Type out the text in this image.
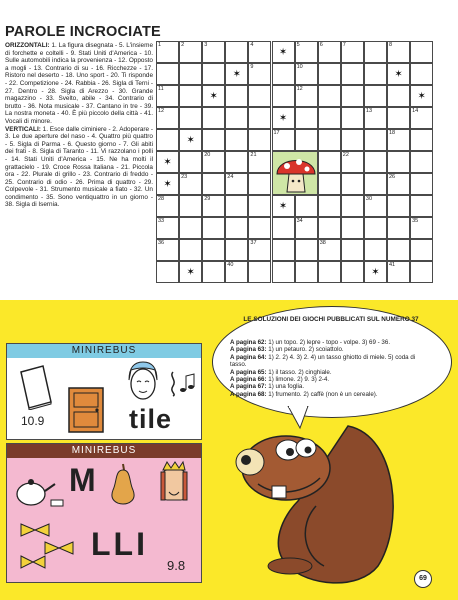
PAROLE INCROCIATE
ORIZZONTALI: 1. La figura disegnata - 5. L'insieme di forchette e coltelli - 9. Stati Uniti d'America - 10. Sulle automobili indica la provenienza - 12. Opposto a mogli - 13. Contrario di su - 16. Ricchezze - 17. Ristoro nel deserto - 18. Uno sport - 20. Ti risponde - 22. Competizione - 24. Rabbia - 26. Sigla di Terni - 27. Dentro - 28. Sigla di Arezzo - 30. Grande magazzino - 33. Svelto, abile - 34. Contrario di brutto - 36. Nota musicale - 37. Cantano in tre - 39. La nostra moneta - 40. È più piccolo della città - 41. Vocali di minore.
VERTICALI: 1. Esce dalle ciminiere - 2. Adoperare - 3. Le due aperture del naso - 4. Quattro più quattro - 5. Sigla di Parma - 6. Questo giorno - 7. Gli abiti dei frati - 8. Sigla di Taranto - 11. Vi razzolano i polli - 14. Stati Uniti d'America - 15. Ne ha molti il grattacielo - 19. Croce Rossa Italiana - 21. Piccola ora - 22. Plurale di grillo - 23. Contrario di freddo - 25. Contrario di odio - 26. Prima di quattro - 29. Colpevole - 31. Strumento musicale a fiato - 32. Un condimento - 35. Sono ventiquattro in un giorno - 38. Sigla di Isernia.
1	2	3	4
✶
5	6	7	8
✶
9	10
✶
11
✶
12
✶
12
✶
13	14
✶
17	18
✶
20	21	22
✶
23	24	26
28	29
✶
30
33	34	35
36	37	38
✶
40
✶
41
MINIREBUS
10.9	tile
MINIREBUS
M
LLI
9.8
LE SOLUZIONI DEI GIOCHI PUBBLICATI SUL NUMERO 37
A pagina 62: 1) un topo. 2) lepre - topo - volpe. 3) 69 - 36.
A pagina 63: 1) un petauro. 2) scoiattolo.
A pagina 64: 1) 2. 2) 4. 3) 2. 4) un tasso ghiotto di miele. 5) coda di tasso.
A pagina 65: 1) il tasso. 2) cinghiale.
A pagina 66: 1) limone. 2) 9. 3) 2-4.
A pagina 67: 1) una foglia.
A pagina 68: 1) frumento. 2) caffè (non è un cereale).
69
